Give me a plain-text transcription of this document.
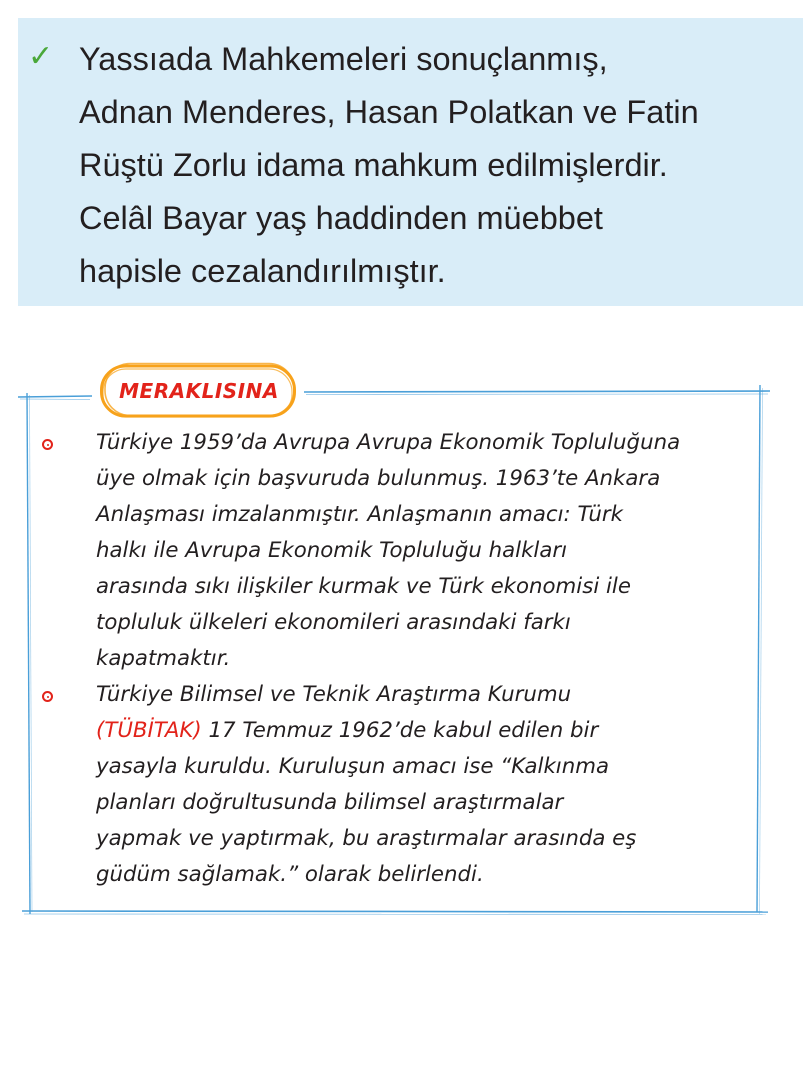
✓ Yassıada Mahkemeleri sonuçlanmış,
Adnan Menderes, Hasan Polatkan ve Fatin
Rüştü Zorlu idama mahkum edilmişlerdir.
Celâl Bayar yaş haddinden müebbet
hapisle cezalandırılmıştır.

MERAKLISINA
Türkiye 1959’da Avrupa Avrupa Ekonomik Topluluğuna
üye olmak için başvuruda bulunmuş. 1963’te Ankara
Anlaşması imzalanmıştır. Anlaşmanın amacı: Türk
halkı ile Avrupa Ekonomik Topluluğu halkları
arasında sıkı ilişkiler kurmak ve Türk ekonomisi ile
topluluk ülkeleri ekonomileri arasındaki farkı
kapatmaktır.
Türkiye Bilimsel ve Teknik Araştırma Kurumu
(TÜBİTAK) 17 Temmuz 1962’de kabul edilen bir
yasayla kuruldu. Kuruluşun amacı ise “Kalkınma
planları doğrultusunda bilimsel araştırmalar
yapmak ve yaptırmak, bu araştırmalar arasında eş
güdüm sağlamak.” olarak belirlendi.
